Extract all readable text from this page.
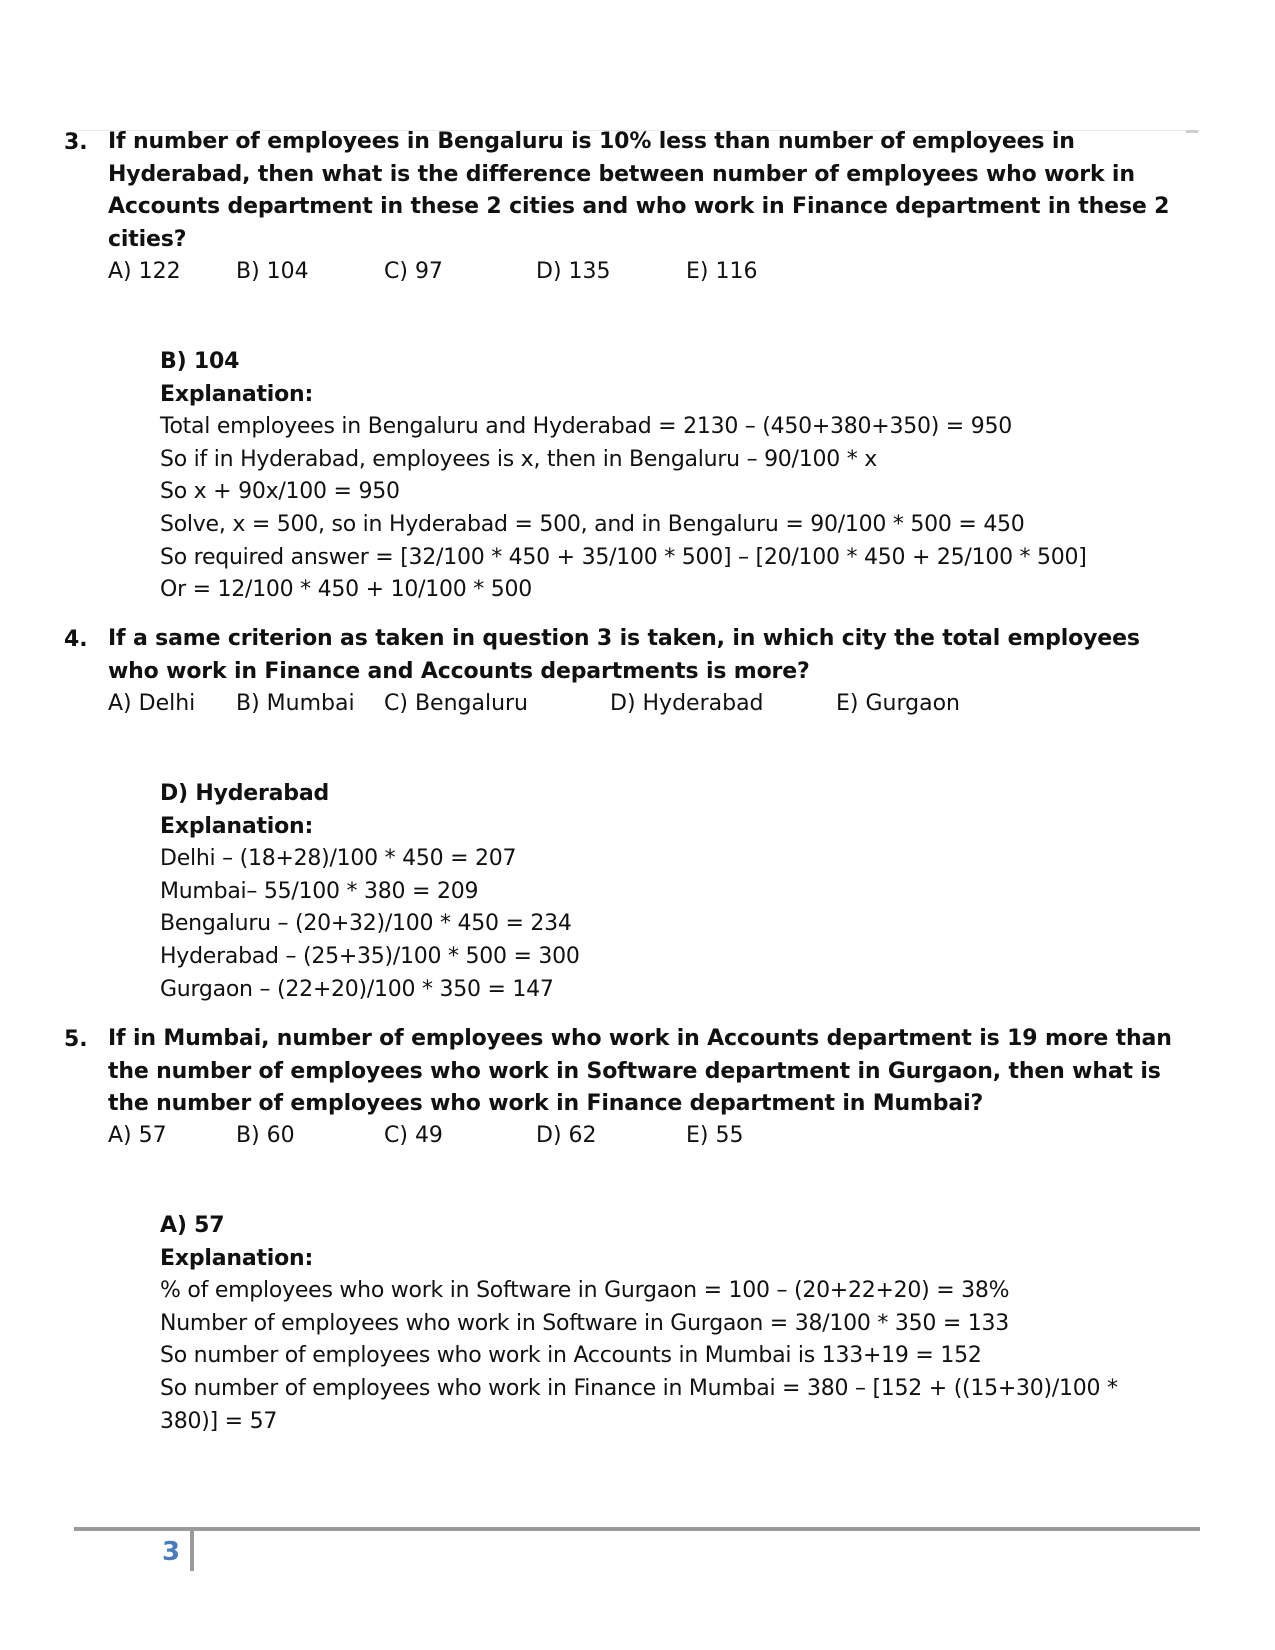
3. If number of employees in Bengaluru is 10% less than number of employees in Hyderabad, then what is the difference between number of employees who work in Accounts department in these 2 cities and who work in Finance department in these 2 cities?
A) 122	B) 104	C) 97	D) 135	E) 116
B) 104
Explanation:
Total employees in Bengaluru and Hyderabad = 2130 – (450+380+350) = 950
So if in Hyderabad, employees is x, then in Bengaluru – 90/100 * x
So x + 90x/100 = 950
Solve, x = 500, so in Hyderabad = 500, and in Bengaluru = 90/100 * 500 = 450
So required answer = [32/100 * 450 + 35/100 * 500] – [20/100 * 450 + 25/100 * 500]
Or = 12/100 * 450 + 10/100 * 500
4. If a same criterion as taken in question 3 is taken, in which city the total employees who work in Finance and Accounts departments is more?
A) Delhi B) Mumbai C) Bengaluru	D) Hyderabad	E) Gurgaon
D) Hyderabad
Explanation:
Delhi – (18+28)/100 * 450 = 207
Mumbai– 55/100 * 380 = 209
Bengaluru – (20+32)/100 * 450 = 234
Hyderabad – (25+35)/100 * 500 = 300
Gurgaon – (22+20)/100 * 350 = 147
5. If in Mumbai, number of employees who work in Accounts department is 19 more than the number of employees who work in Software department in Gurgaon, then what is the number of employees who work in Finance department in Mumbai?
A) 57	B) 60	C) 49	D) 62	E) 55
A) 57
Explanation:
% of employees who work in Software in Gurgaon = 100 – (20+22+20) = 38%
Number of employees who work in Software in Gurgaon = 38/100 * 350 = 133
So number of employees who work in Accounts in Mumbai is 133+19 = 152
So number of employees who work in Finance in Mumbai = 380 – [152 + ((15+30)/100 * 380)] = 57
3
